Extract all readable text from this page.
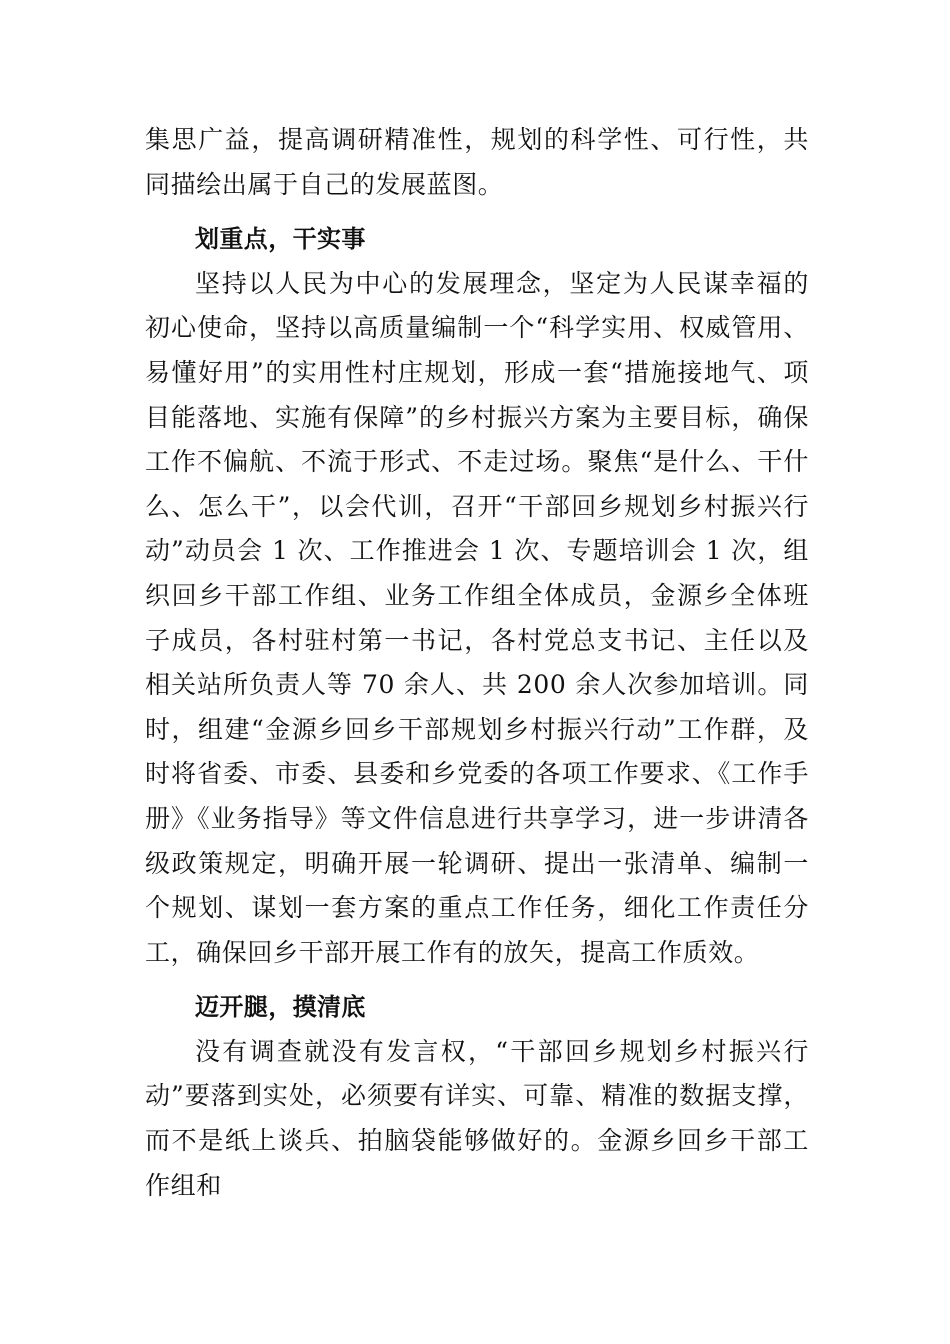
集思广益，提高调研精准性，规划的科学性、可行性，共同描绘出属于自己的发展蓝图。

划重点，干实事

坚持以人民为中心的发展理念，坚定为人民谋幸福的初心使命，坚持以高质量编制一个“科学实用、权威管用、易懂好用”的实用性村庄规划，形成一套“措施接地气、项目能落地、实施有保障”的乡村振兴方案为主要目标，确保工作不偏航、不流于形式、不走过场。聚焦“是什么、干什么、怎么干”，以会代训，召开“干部回乡规划乡村振兴行动”动员会 1 次、工作推进会 1 次、专题培训会 1 次，组织回乡干部工作组、业务工作组全体成员，金源乡全体班子成员，各村驻村第一书记，各村党总支书记、主任以及相关站所负责人等 70 余人、共 200 余人次参加培训。同时，组建“金源乡回乡干部规划乡村振兴行动”工作群，及时将省委、市委、县委和乡党委的各项工作要求、《工作手册》《业务指导》等文件信息进行共享学习，进一步讲清各级政策规定，明确开展一轮调研、提出一张清单、编制一个规划、谋划一套方案的重点工作任务，细化工作责任分工，确保回乡干部开展工作有的放矢，提高工作质效。

迈开腿，摸清底

没有调查就没有发言权，“干部回乡规划乡村振兴行动”要落到实处，必须要有详实、可靠、精准的数据支撑，而不是纸上谈兵、拍脑袋能够做好的。金源乡回乡干部工作组和
